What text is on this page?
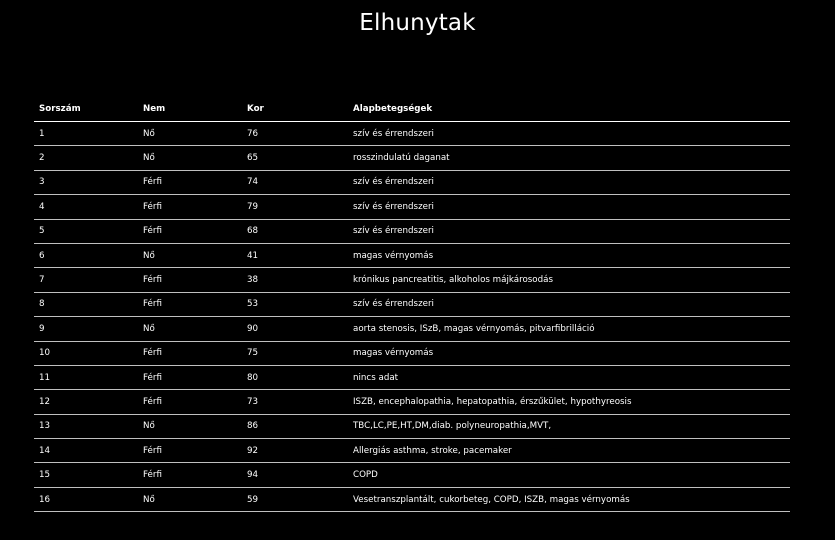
Elhunytak
Sorszám	Nem	Kor	Alapbetegségek
1	Nő	76	szív és érrendszeri
2	Nő	65	rosszindulatú daganat
3	Férfi	74	szív és érrendszeri
4	Férfi	79	szív és érrendszeri
5	Férfi	68	szív és érrendszeri
6	Nő	41	magas vérnyomás
7	Férfi	38	krónikus pancreatitis, alkoholos májkárosodás
8	Férfi	53	szív és érrendszeri
9	Nő	90	aorta stenosis, ISzB, magas vérnyomás, pitvarfibrilláció
10	Férfi	75	magas vérnyomás
11	Férfi	80	nincs adat
12	Férfi	73	ISZB, encephalopathia, hepatopathia, érszűkület, hypothyreosis
13	Nő	86	TBC,LC,PE,HT,DM,diab. polyneuropathia,MVT,
14	Férfi	92	Allergiás asthma, stroke, pacemaker
15	Férfi	94	COPD
16	Nő	59	Vesetranszplantált, cukorbeteg, COPD, ISZB, magas vérnyomás
